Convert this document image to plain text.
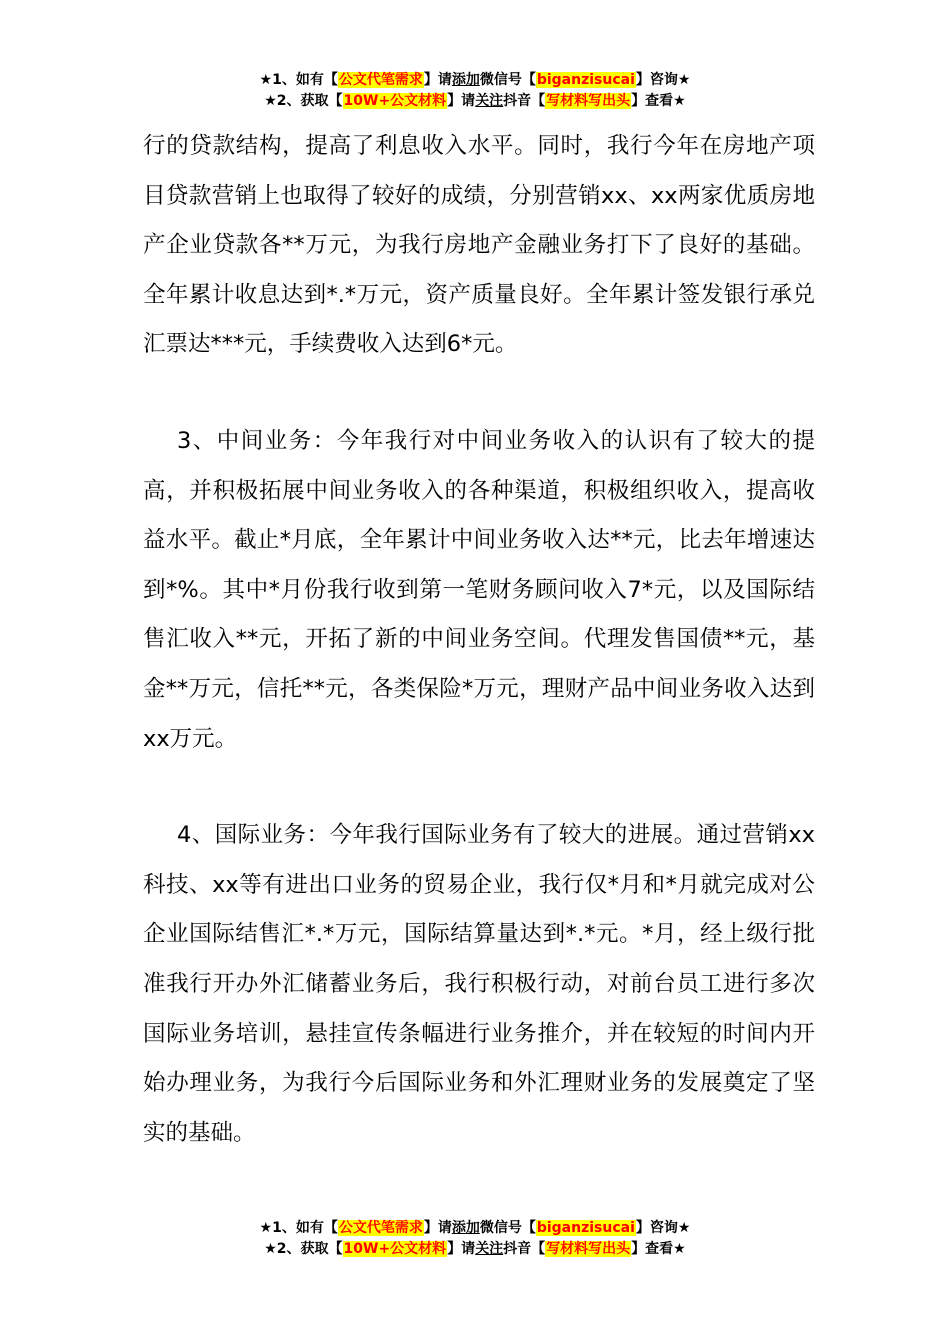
★1、如有【公文代笔需求】请添加微信号【biganzisucai】咨询★
★2、获取【10W+公文材料】请关注抖音【写材料写出头】查看★

行的贷款结构，提高了利息收入水平。同时，我行今年在房地产项目贷款营销上也取得了较好的成绩，分别营销xx、xx两家优质房地产企业贷款各**万元，为我行房地产金融业务打下了良好的基础。全年累计收息达到*.*万元，资产质量良好。全年累计签发银行承兑汇票达***元，手续费收入达到6*元。

3、中间业务：今年我行对中间业务收入的认识有了较大的提高，并积极拓展中间业务收入的各种渠道，积极组织收入，提高收益水平。截止*月底，全年累计中间业务收入达**元，比去年增速达到*%。其中*月份我行收到第一笔财务顾问收入7*元，以及国际结售汇收入**元，开拓了新的中间业务空间。代理发售国债**元，基金**万元，信托**元，各类保险*万元，理财产品中间业务收入达到xx万元。

4、国际业务：今年我行国际业务有了较大的进展。通过营销xx科技、xx等有进出口业务的贸易企业，我行仅*月和*月就完成对公企业国际结售汇*.*万元，国际结算量达到*.*元。*月，经上级行批准我行开办外汇储蓄业务后，我行积极行动，对前台员工进行多次国际业务培训，悬挂宣传条幅进行业务推介，并在较短的时间内开始办理业务，为我行今后国际业务和外汇理财业务的发展奠定了坚实的基础。

★1、如有【公文代笔需求】请添加微信号【biganzisucai】咨询★
★2、获取【10W+公文材料】请关注抖音【写材料写出头】查看★
